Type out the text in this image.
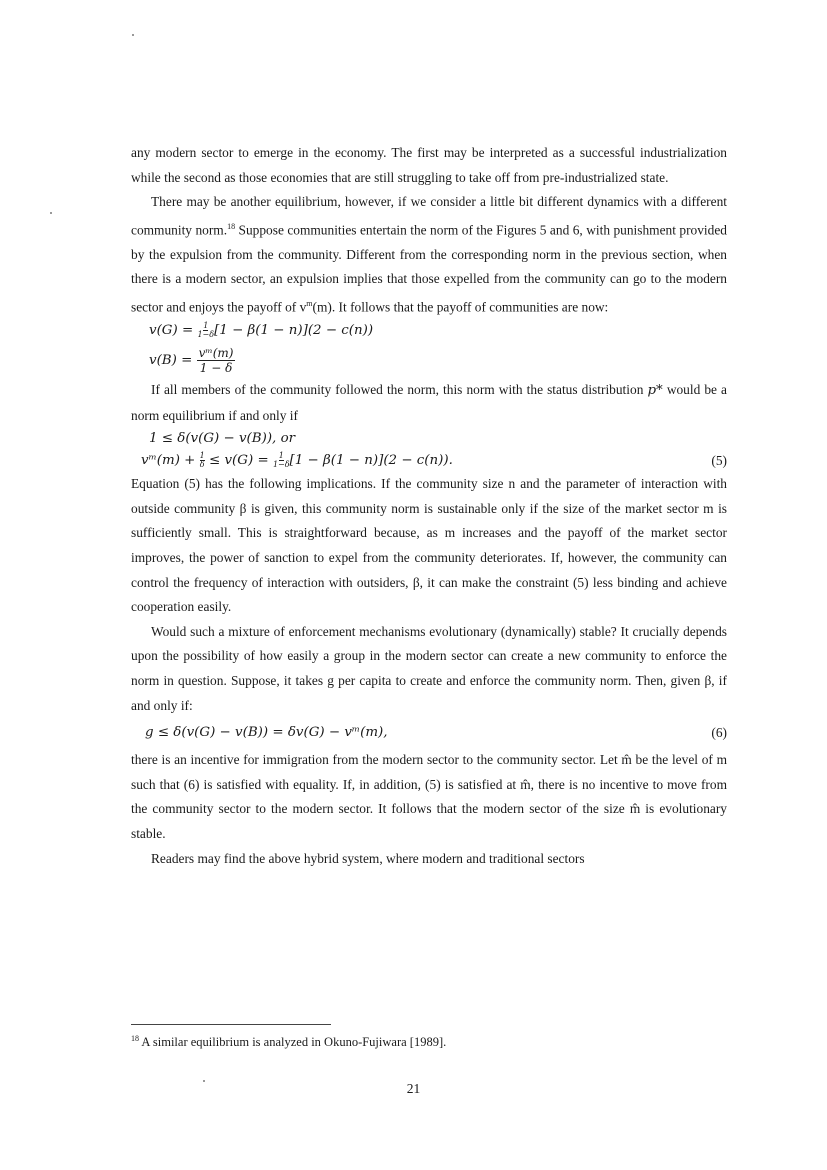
any modern sector to emerge in the economy. The first may be interpreted as a successful industrialization while the second as those economies that are still struggling to take off from pre-industrialized state.

There may be another equilibrium, however, if we consider a little bit different dynamics with a different community norm.$^{18}$ Suppose communities entertain the norm of the Figures 5 and 6, with punishment provided by the expulsion from the community. Different from the corresponding norm in the previous section, when there is a modern sector, an expulsion implies that those expelled from the community can go to the modern sector and enjoys the payoff of $v^m(m)$. It follows that the payoff of communities are now:

$v(G) = \frac{1}{1-\delta} [1 - \beta(1 - n)](2 - c(n))$
$v(B) = \frac{\text{vᵐ(m)}}{1 - \delta}$

If all members of the community followed the norm, this norm with the status distribution p* would be a norm equilibrium if and only if

1 ≤ δ(v(G) − v(B)), or
vᵐ(m) + $\frac{1}{\delta} \le v(G) = \frac{1}{1-\delta} [1 - \beta(1 - n)](2 - c(n))$.	(5)

Equation (5) has the following implications. If the community size n and the parameter of interaction with outside community β is given, this community norm is sustainable only if the size of the market sector m is sufficiently small. This is straightforward because, as m increases and the payoff of the market sector improves, the power of sanction to expel from the community deteriorates. If, however, the community can control the frequency of interaction with outsiders, β, it can make the constraint (5) less binding and achieve cooperation easily.

Would such a mixture of enforcement mechanisms evolutionary (dynamically) stable? It crucially depends upon the possibility of how easily a group in the modern sector can create a new community to enforce the norm in question. Suppose, it takes g per capita to create and enforce the community norm. Then, given β, if and only if:

g ≤ δ(v(G) − v(B)) = δv(G) − vᵐ(m),	(6)

there is an incentive for immigration from the modern sector to the community sector. Let m̂ be the level of m such that (6) is satisfied with equality. If, in addition, (5) is satisfied at m̂, there is no incentive to move from the community sector to the modern sector. It follows that the modern sector of the size m̂ is evolutionary stable.

Readers may find the above hybrid system, where modern and traditional sectors

$^{18}$ A similar equilibrium is analyzed in Okuno-Fujiwara [1989].
21
